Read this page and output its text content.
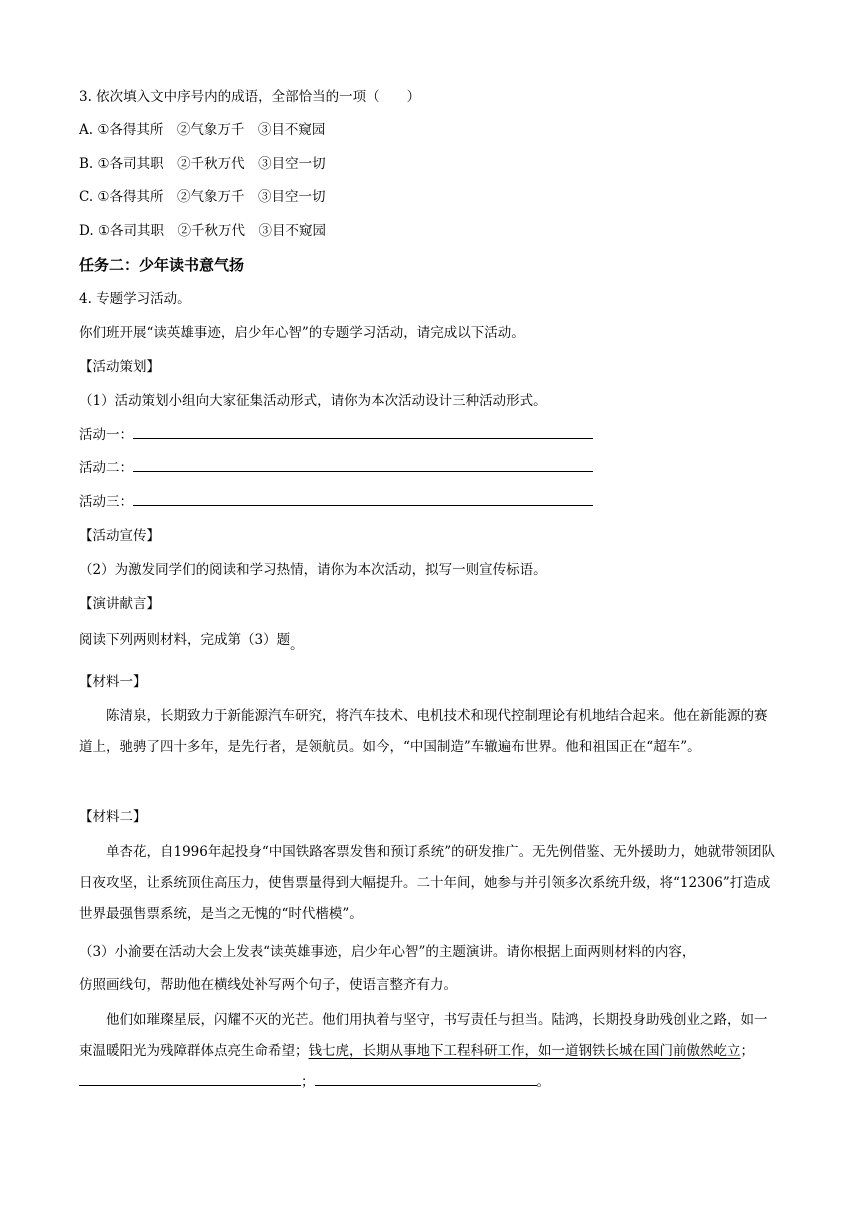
3. 依次填入文中序号内的成语，全部恰当的一项（　　）
A. ①各得其所　②气象万千　③目不窥园
B. ①各司其职　②千秋万代　③目空一切
C. ①各得其所　②气象万千　③目空一切
D. ①各司其职　②千秋万代　③目不窥园
任务二：少年读书意气扬
4. 专题学习活动。
你们班开展“读英雄事迹，启少年心智”的专题学习活动，请完成以下活动。
【活动策划】
（1）活动策划小组向大家征集活动形式，请你为本次活动设计三种活动形式。
活动一：
活动二：
活动三：
【活动宣传】
（2）为激发同学们的阅读和学习热情，请你为本次活动，拟写一则宣传标语。
【演讲献言】
阅读下列两则材料，完成第（3）题。
【材料一】
陈清泉，长期致力于新能源汽车研究，将汽车技术、电机技术和现代控制理论有机地结合起来。他在新能源的赛道上，驰骋了四十多年，是先行者，是领航员。如今，“中国制造”车辙遍布世界。他和祖国正在“超车”。
【材料二】
单杏花，自1996年起投身“中国铁路客票发售和预订系统”的研发推广。无先例借鉴、无外援助力，她就带领团队日夜攻坚，让系统顶住高压力，使售票量得到大幅提升。二十年间，她参与并引领多次系统升级，将“12306”打造成世界最强售票系统，是当之无愧的“时代楷模”。
（3）小渝要在活动大会上发表“读英雄事迹，启少年心智”的主题演讲。请你根据上面两则材料的内容，
仿照画线句，帮助他在横线处补写两个句子，使语言整齐有力。
他们如璀璨星辰，闪耀不灭的光芒。他们用执着与坚守，书写责任与担当。陆鸿，长期投身助残创业之路，如一束温暖阳光为残障群体点亮生命希望；钱七虎，长期从事地下工程科研工作，如一道钢铁长城在国门前傲然屹立；；	。
